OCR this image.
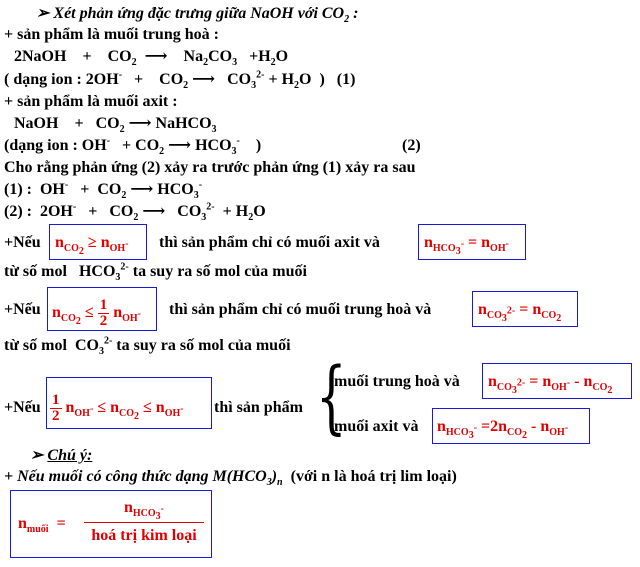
➢ Xét phản ứng đặc trưng giữa NaOH với $CO_2$ :
+ sản phẩm là muối trung hoà :
2NaOH    +    $CO_2$  ⟶    $Na_2CO_3 +H_2O$
( dạng ion : 2OH-   +    $CO_2$ ⟶   $CO_3^{2-} + H_2O$  ) (1)
+ sản phẩm là muối axit :
NaOH    +   $CO_2$ ⟶ NaHCO$_3$
(dạng ion : $OH^- + CO_2$ ⟶ $HCO_3^-$ )	(2)
Cho rằng phản ứng (2) xảy ra trước phản ứng (1) xảy ra sau
(1) : $OH^- + CO_2$ ⟶ $HCO_3^-$
(2) : $2OH^- + CO_2$ ⟶   $CO_3^{2-} + H_2O$
+Nếu $n_{CO_2} \ge n_{OH^-}$ thì sản phẩm chỉ có muối axit và	$n_{HCO_3^-} = n_{OH^-}$
từ số mol $HCO_3^{2-}$ ta suy ra số mol của muối
+Nếu $n_{CO_2} \le \frac{1}{2} n_{OH^-}$ thì sản phẩm chỉ có muối trung hoà và	$n_{CO_3^{2-}} = n_{CO_2}$
từ số mol $CO_3^{2-}$ ta suy ra số mol của muối
+Nếu $\frac{1}{2} n_{OH^-} \le n_{CO_2} \le n_{OH^-}$ thì sản phẩm {
muối trung hoà và $n_{CO_3^{2-}} = n_{OH^-} - n_{CO_2}$
muối axit và $n_{HCO_3^-} =2n_{CO_2} - n_{OH^-}$
➢ Chú ý:
+ Nếu muối có công thức dạng $M(HCO_3)_n$ (với n là hoá trị lim loại)
$n_{muối}$  =
$n_{HCO_3^-}$
hoá trị kim loại
